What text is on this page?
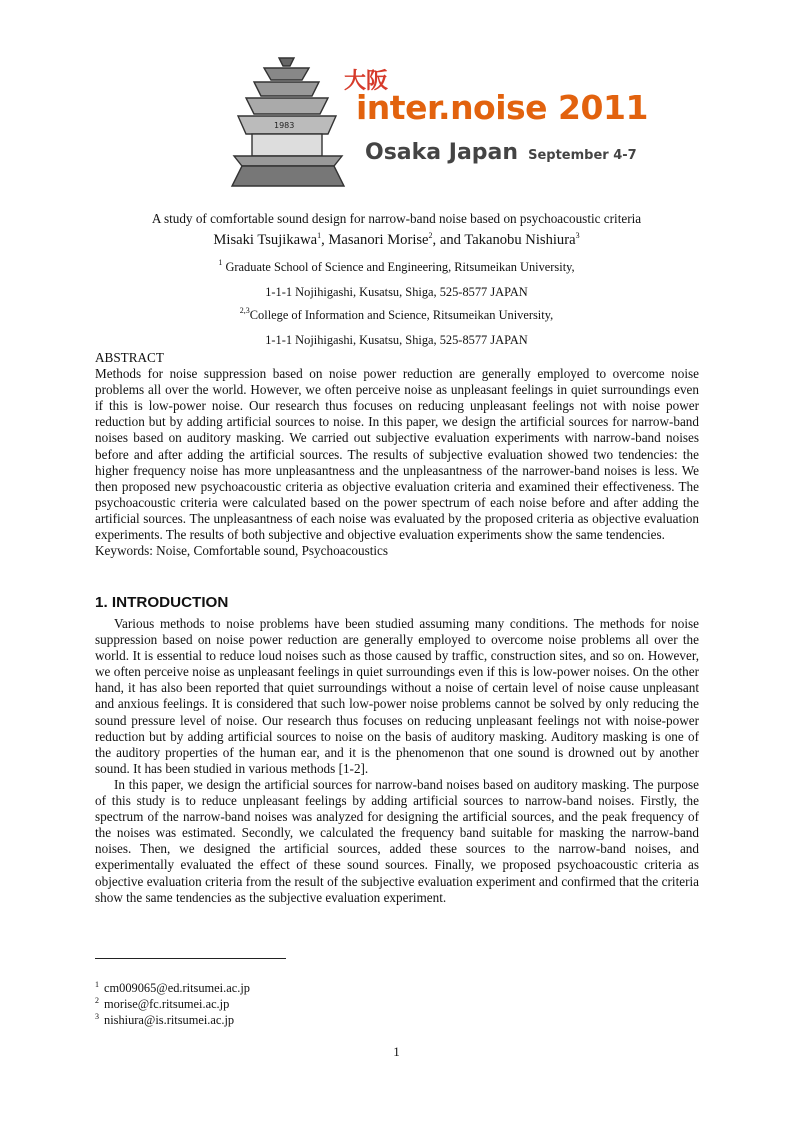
1983
大阪
inter.noise 2011
Osaka Japan September 4-7
A study of comfortable sound design for narrow-band noise based on psychoacoustic criteria
Misaki Tsujikawa$^1$, Masanori Morise$^2$, and Takanobu Nishiura$^3$
$^1$ Graduate School of Science and Engineering, Ritsumeikan University,
1-1-1 Nojihigashi, Kusatsu, Shiga, 525-8577 JAPAN
$^{2,3}$College of Information and Science, Ritsumeikan University,
1-1-1 Nojihigashi, Kusatsu, Shiga, 525-8577 JAPAN

ABSTRACT

Methods for noise suppression based on noise power reduction are generally employed to overcome noise problems all over the world. However, we often perceive noise as unpleasant feelings in quiet surroundings even if this is low-power noise. Our research thus focuses on reducing unpleasant feelings not with noise power reduction but by adding artificial sources to noise. In this paper, we design the artificial sources for narrow-band noises based on auditory masking. We carried out subjective evaluation experiments with narrow-band noises before and after adding the artificial sources. The results of subjective evaluation showed two tendencies: the higher frequency noise has more unpleasantness and the unpleasantness of the narrower-band noises is less. We then proposed new psychoacoustic criteria as objective evaluation criteria and examined their effectiveness. The psychoacoustic criteria were calculated based on the power spectrum of each noise before and after adding the artificial sources. The unpleasantness of each noise was evaluated by the proposed criteria as objective evaluation experiments. The results of both subjective and objective evaluation experiments show the same tendencies.

Keywords: Noise, Comfortable sound, Psychoacoustics

1. INTRODUCTION

Various methods to noise problems have been studied assuming many conditions. The methods for noise suppression based on noise power reduction are generally employed to overcome noise problems all over the world. It is essential to reduce loud noises such as those caused by traffic, construction sites, and so on. However, we often perceive noise as unpleasant feelings in quiet surroundings even if this is low-power noises. On the other hand, it has also been reported that quiet surroundings without a noise of certain level of noise cause unpleasant and anxious feelings. It is considered that such low-power noise problems cannot be solved by only reducing the sound pressure level of noise. Our research thus focuses on reducing unpleasant feelings not with noise-power reduction but by adding artificial sources to noise on the basis of auditory masking. Auditory masking is one of the auditory properties of the human ear, and it is the phenomenon that one sound is drowned out by another sound. It has been studied in various methods [1-2].

In this paper, we design the artificial sources for narrow-band noises based on auditory masking. The purpose of this study is to reduce unpleasant feelings by adding artificial sources to narrow-band noises. Firstly, the spectrum of the narrow-band noises was analyzed for designing the artificial sources, and the peak frequency of the noises was estimated. Secondly, we calculated the frequency band suitable for masking the narrow-band noises. Then, we designed the artificial sources, added these sources to the narrow-band noises, and experimentally evaluated the effect of these sound sources. Finally, we proposed psychoacoustic criteria as objective evaluation criteria from the result of the subjective evaluation experiment and confirmed that the criteria show the same tendencies as the subjective evaluation experiment.

$^1$ cm009065@ed.ritsumei.ac.jp
$^2$ morise@fc.ritsumei.ac.jp
$^3$ nishiura@is.ritsumei.ac.jp
1
